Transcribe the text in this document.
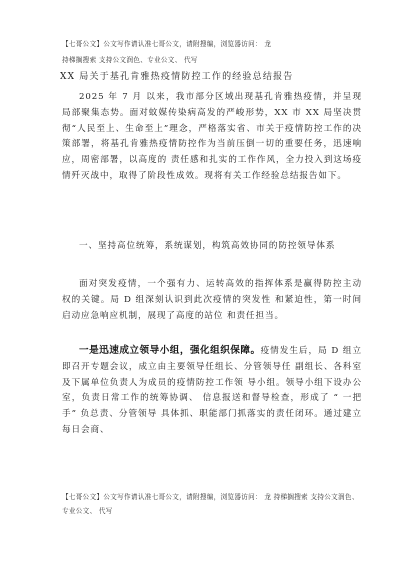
【七哥公文】公文写作请认准七哥公文，请附搜编，浏览器访问： 龙
持梯搁搜索 支持公文润色、专业公文、 代写
XX 局关于基孔肯雅热疫情防控工作的经验总结报告
2025 年 7 月 以来，我市部分区域出现基孔肯雅热疫情，并呈现局部聚集态势。面对蚊媒传染病高发的严峻形势，XX 市 XX 局坚决贯彻“人民至上、生命至上”理念，严格落实省、市关于疫情防控工作的决策部署，将基孔肯雅热疫情防控作为当前压倒一切的重要任务，迅速响应，周密部署，以高度的 责任感和扎实的工作作风，全力投入到这场疫情歼灭战中，取得了阶段性成效。现将有关工作经验总结报告如下。
一、坚持高位统筹，系统谋划，构筑高效协同的防控领导体系
面对突发疫情，一个强有力、运转高效的指挥体系是赢得防控主动权的关键。局 D 组深刻认识到此次疫情的突发性 和紧迫性，第一时间启动应急响应机制，展现了高度的站位 和责任担当。
一是迅速成立领导小组，强化组织保障。疫情发生后，局 D 组立即召开专题会议，成立由主要领导任组长、分管领导任 副组长、各科室及下属单位负责人为成员的疫情防控工作领 导小组。领导小组下设办公室，负责日常工作的统筹协调、 信息报送和督导检查，形成了 “ 一把手” 负总责、分管领导 具体抓、职能部门抓落实的责任闭环。通过建立每日会商、
【七哥公文】公文写作请认准七哥公文，请附搜编，浏览器访问： 龙 持梯搁搜索 支持公文润色、专业公文、 代写
